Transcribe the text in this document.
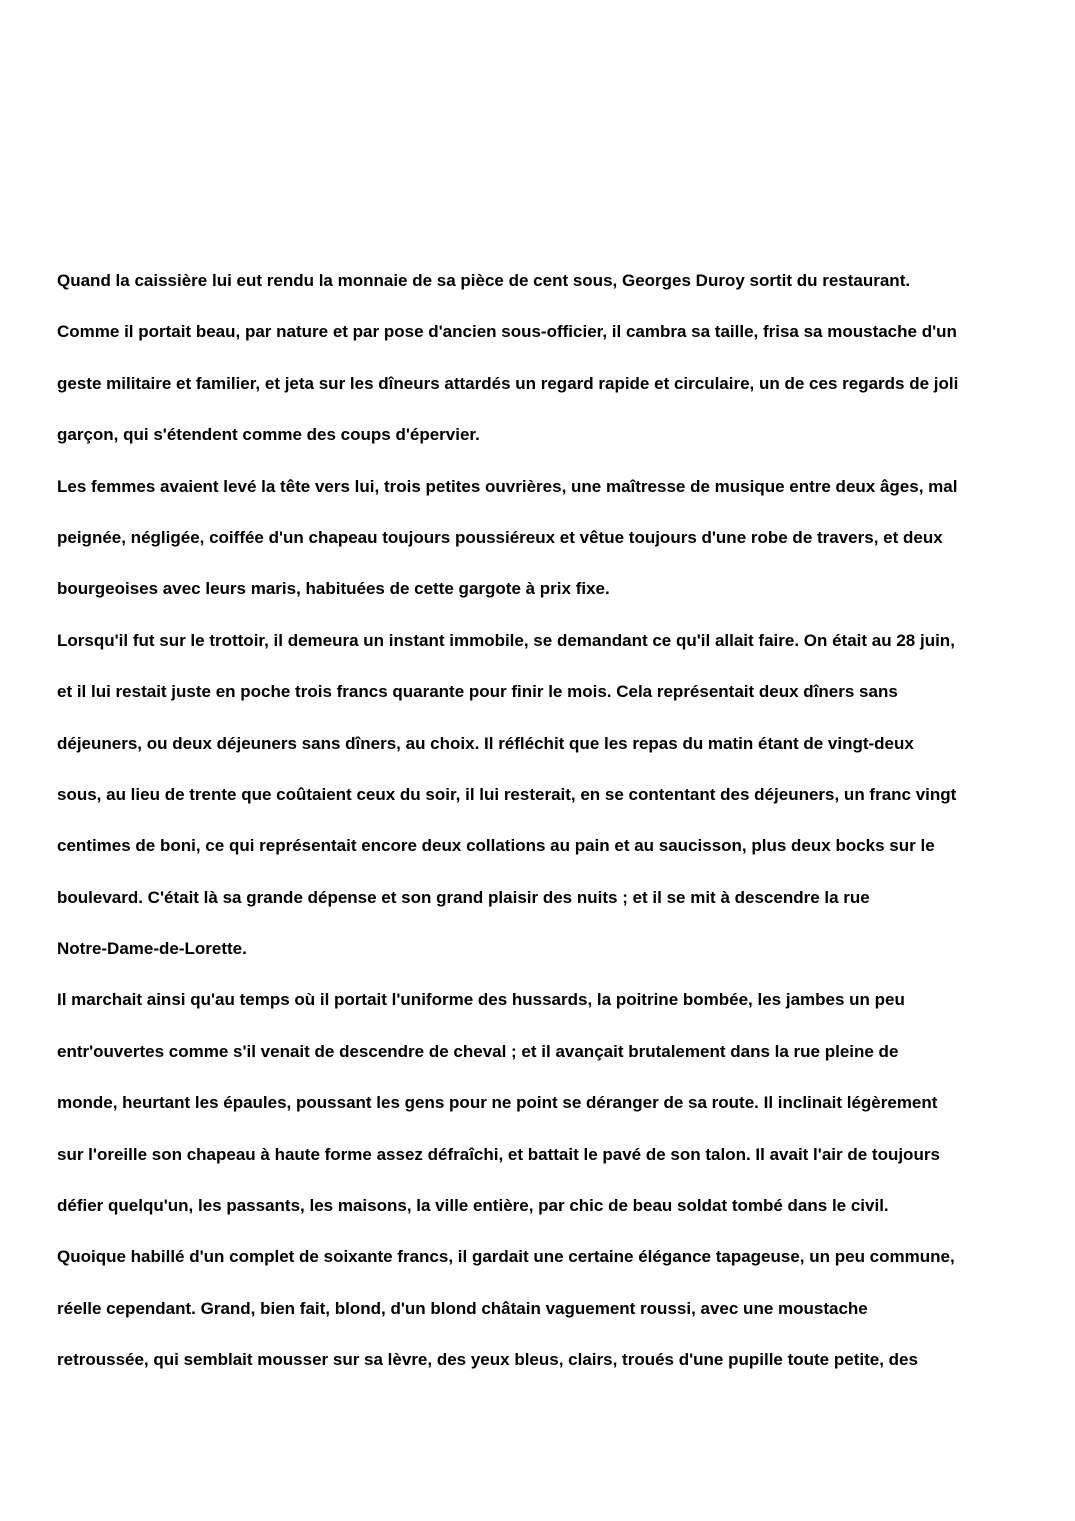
Quand la caissière lui eut rendu la monnaie de sa pièce de cent sous, Georges Duroy sortit du restaurant.
Comme il portait beau, par nature et par pose d'ancien sous-officier, il cambra sa taille, frisa sa moustache d'un
geste militaire et familier, et jeta sur les dîneurs attardés un regard rapide et circulaire, un de ces regards de joli
garçon, qui s'étendent comme des coups d'épervier.
Les femmes avaient levé la tête vers lui, trois petites ouvrières, une maîtresse de musique entre deux âges, mal
peignée, négligée, coiffée d'un chapeau toujours poussiéreux et vêtue toujours d'une robe de travers, et deux
bourgeoises avec leurs maris, habituées de cette gargote à prix fixe.
Lorsqu'il fut sur le trottoir, il demeura un instant immobile, se demandant ce qu'il allait faire. On était au 28 juin,
et il lui restait juste en poche trois francs quarante pour finir le mois. Cela représentait deux dîners sans
déjeuners, ou deux déjeuners sans dîners, au choix. Il réfléchit que les repas du matin étant de vingt-deux
sous, au lieu de trente que coûtaient ceux du soir, il lui resterait, en se contentant des déjeuners, un franc vingt
centimes de boni, ce qui représentait encore deux collations au pain et au saucisson, plus deux bocks sur le
boulevard. C'était là sa grande dépense et son grand plaisir des nuits ; et il se mit à descendre la rue
Notre-Dame-de-Lorette.
Il marchait ainsi qu'au temps où il portait l'uniforme des hussards, la poitrine bombée, les jambes un peu
entr'ouvertes comme s'il venait de descendre de cheval ; et il avançait brutalement dans la rue pleine de
monde, heurtant les épaules, poussant les gens pour ne point se déranger de sa route. Il inclinait légèrement
sur l'oreille son chapeau à haute forme assez défraîchi, et battait le pavé de son talon. Il avait l'air de toujours
défier quelqu'un, les passants, les maisons, la ville entière, par chic de beau soldat tombé dans le civil.
Quoique habillé d'un complet de soixante francs, il gardait une certaine élégance tapageuse, un peu commune,
réelle cependant. Grand, bien fait, blond, d'un blond châtain vaguement roussi, avec une moustache
retroussée, qui semblait mousser sur sa lèvre, des yeux bleus, clairs, troués d'une pupille toute petite, des
